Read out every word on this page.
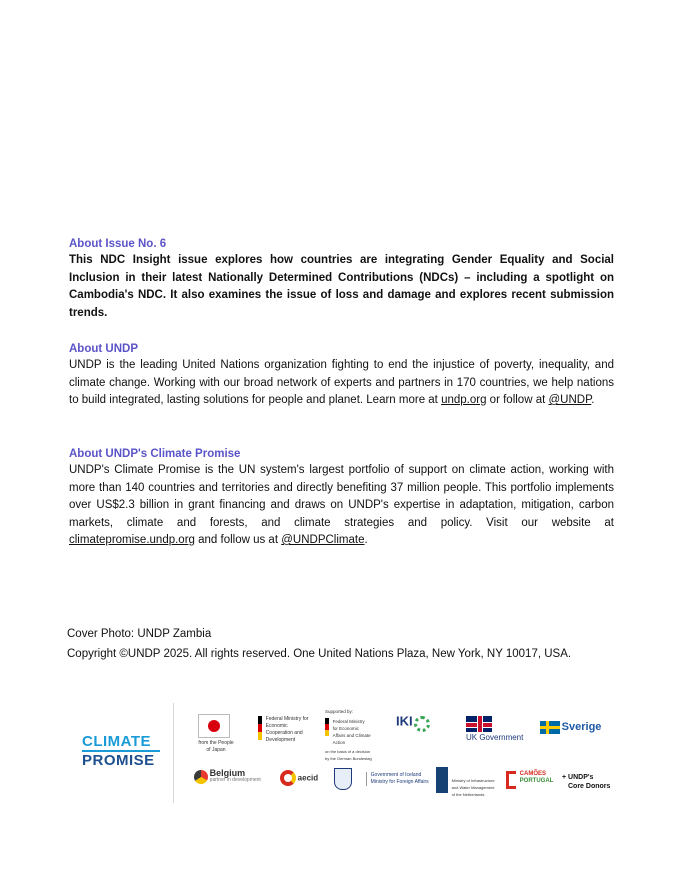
About Issue No. 6

This NDC Insight issue explores how countries are integrating Gender Equality and Social Inclusion in their latest Nationally Determined Contributions (NDCs) – including a spotlight on Cambodia's NDC. It also examines the issue of loss and damage and explores recent submission trends.

About UNDP

UNDP is the leading United Nations organization fighting to end the injustice of poverty, inequality, and climate change. Working with our broad network of experts and partners in 170 countries, we help nations to build integrated, lasting solutions for people and planet. Learn more at undp.org or follow at @UNDP.

About UNDP's Climate Promise

UNDP's Climate Promise is the UN system's largest portfolio of support on climate action, working with more than 140 countries and territories and directly benefiting 37 million people. This portfolio implements over US$2.3 billion in grant financing and draws on UNDP's expertise in adaptation, mitigation, carbon markets, climate and forests, and climate strategies and policy. Visit our website at climatepromise.undp.org and follow us at @UNDPClimate.

Cover Photo: UNDP Zambia
Copyright ©UNDP 2025. All rights reserved. One United Nations Plaza, New York, NY 10017, USA.
CLIMATE
PROMISE
from the People of Japan
Federal Ministry for Economic Cooperation and Development
Supported by:
Federal Ministry for Economic Affairs and Climate Action
on the basis of a decision by the German Bundestag
IKI
UK Government
Sverige

Belgium
partner in development	aecid
	Government of Iceland
Ministry for Foreign Affairs	Ministry of Infrastructure and Water Management of the Netherlands

CAMÕES
PORTUGAL + UNDP's
Core Donors
